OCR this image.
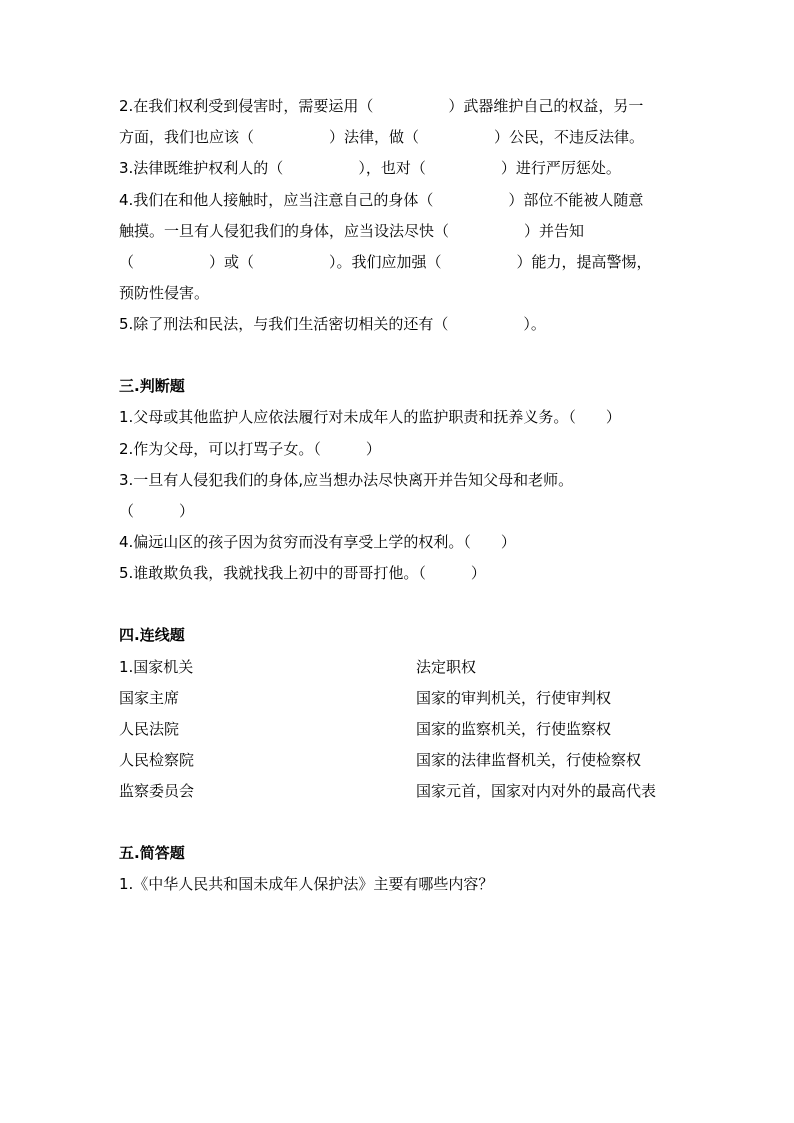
2.在我们权利受到侵害时，需要运用（　　　　　）武器维护自己的权益，另一
方面，我们也应该（　　　　　）法律，做（　　　　　）公民，不违反法律。
3.法律既维护权利人的（　　　　　），也对（　　　　　）进行严厉惩处。
4.我们在和他人接触时，应当注意自己的身体（　　　　　）部位不能被人随意
触摸。一旦有人侵犯我们的身体，应当设法尽快（　　　　　）并告知
（　　　　　）或（　　　　　）。我们应加强（　　　　　）能力，提高警惕，
预防性侵害。
5.除了刑法和民法，与我们生活密切相关的还有（　　　　　）。
三.判断题
1.父母或其他监护人应依法履行对未成年人的监护职责和抚养义务。（　　）
2.作为父母，可以打骂子女。（　　　）
3.一旦有人侵犯我们的身体,应当想办法尽快离开并告知父母和老师。
（　　　）
4.偏远山区的孩子因为贫穷而没有享受上学的权利。（　　）
5.谁敢欺负我，我就找我上初中的哥哥打他。（　　　）
四.连线题
1.国家机关	法定职权
国家主席	国家的审判机关，行使审判权
人民法院	国家的监察机关，行使监察权
人民检察院	国家的法律监督机关，行使检察权
监察委员会	国家元首，国家对内对外的最高代表
五.简答题
1.《中华人民共和国未成年人保护法》主要有哪些内容？
